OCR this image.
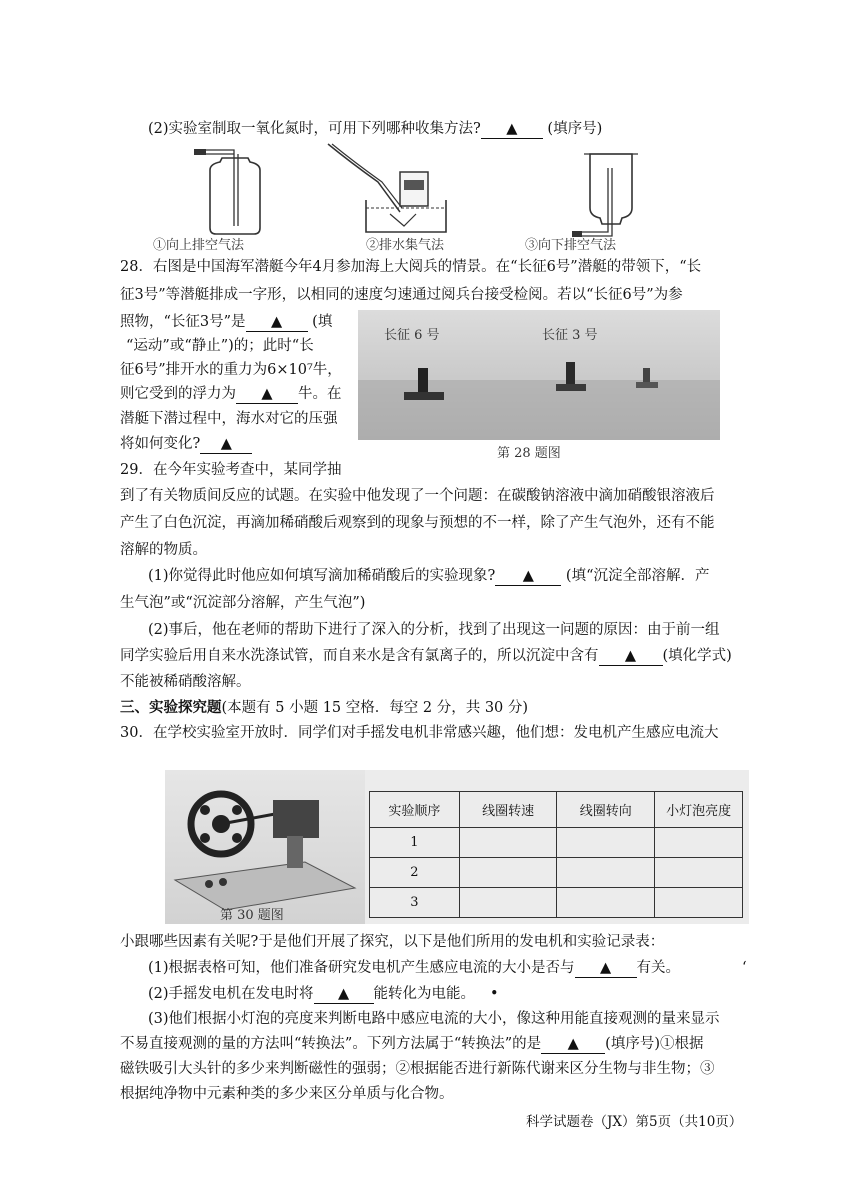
(2)实验室制取一氧化氮时，可用下列哪种收集方法? ▲ (填序号)
①向上排空气法	②排水集气法	③向下排空气法
28．右图是中国海军潜艇今年4月参加海上大阅兵的情景。在“长征6号”潜艇的带领下，“长
征3号”等潜艇排成一字形，以相同的速度匀速通过阅兵台接受检阅。若以“长征6号”为参
照物，“长征3号”是 ▲ (填
“运动”或“静止”)的；此时“长
征6号”排开水的重力为6×10⁷牛，
则它受到的浮力为 ▲ 牛。在
潜艇下潜过程中，海水对它的压强
将如何变化? ▲
长征 6 号	长征 3 号
第 28 题图
29．在今年实验考查中，某同学抽
到了有关物质间反应的试题。在实验中他发现了一个问题：在碳酸钠溶液中滴加硝酸银溶液后
产生了白色沉淀，再滴加稀硝酸后观察到的现象与预想的不一样，除了产生气泡外，还有不能
溶解的物质。
(1)你觉得此时他应如何填写滴加稀硝酸后的实验现象? ▲ (填“沉淀全部溶解．产
生气泡”或“沉淀部分溶解，产生气泡”)
(2)事后，他在老师的帮助下进行了深入的分析，找到了出现这一问题的原因：由于前一组
同学实验后用自来水洗涤试管，而自来水是含有氯离子的，所以沉淀中含有 ▲ (填化学式)
不能被稀硝酸溶解。
三、实验探究题(本题有 5 小题 15 空格．每空 2 分，共 30 分)
30．在学校实验室开放时．同学们对手摇发电机非常感兴趣，他们想：发电机产生感应电流大
第 30 题图
实验顺序	线圈转速	线圈转向	小灯泡亮度
1			
2			
3			
小跟哪些因素有关呢?于是他们开展了探究，以下是他们所用的发电机和实验记录表：
(1)根据表格可知，他们准备研究发电机产生感应电流的大小是否与 ▲ 有关。	‘
(2)手摇发电机在发电时将 ▲ 能转化为电能。 •
(3)他们根据小灯泡的亮度来判断电路中感应电流的大小，像这种用能直接观测的量来显示
不易直接观测的量的方法叫“转换法”。下列方法属于“转换法”的是 ▲ (填序号)①根据
磁铁吸引大头针的多少来判断磁性的强弱；②根据能否进行新陈代谢来区分生物与非生物；③
根据纯净物中元素种类的多少来区分单质与化合物。
科学试题卷（JX）第5页（共10页）
